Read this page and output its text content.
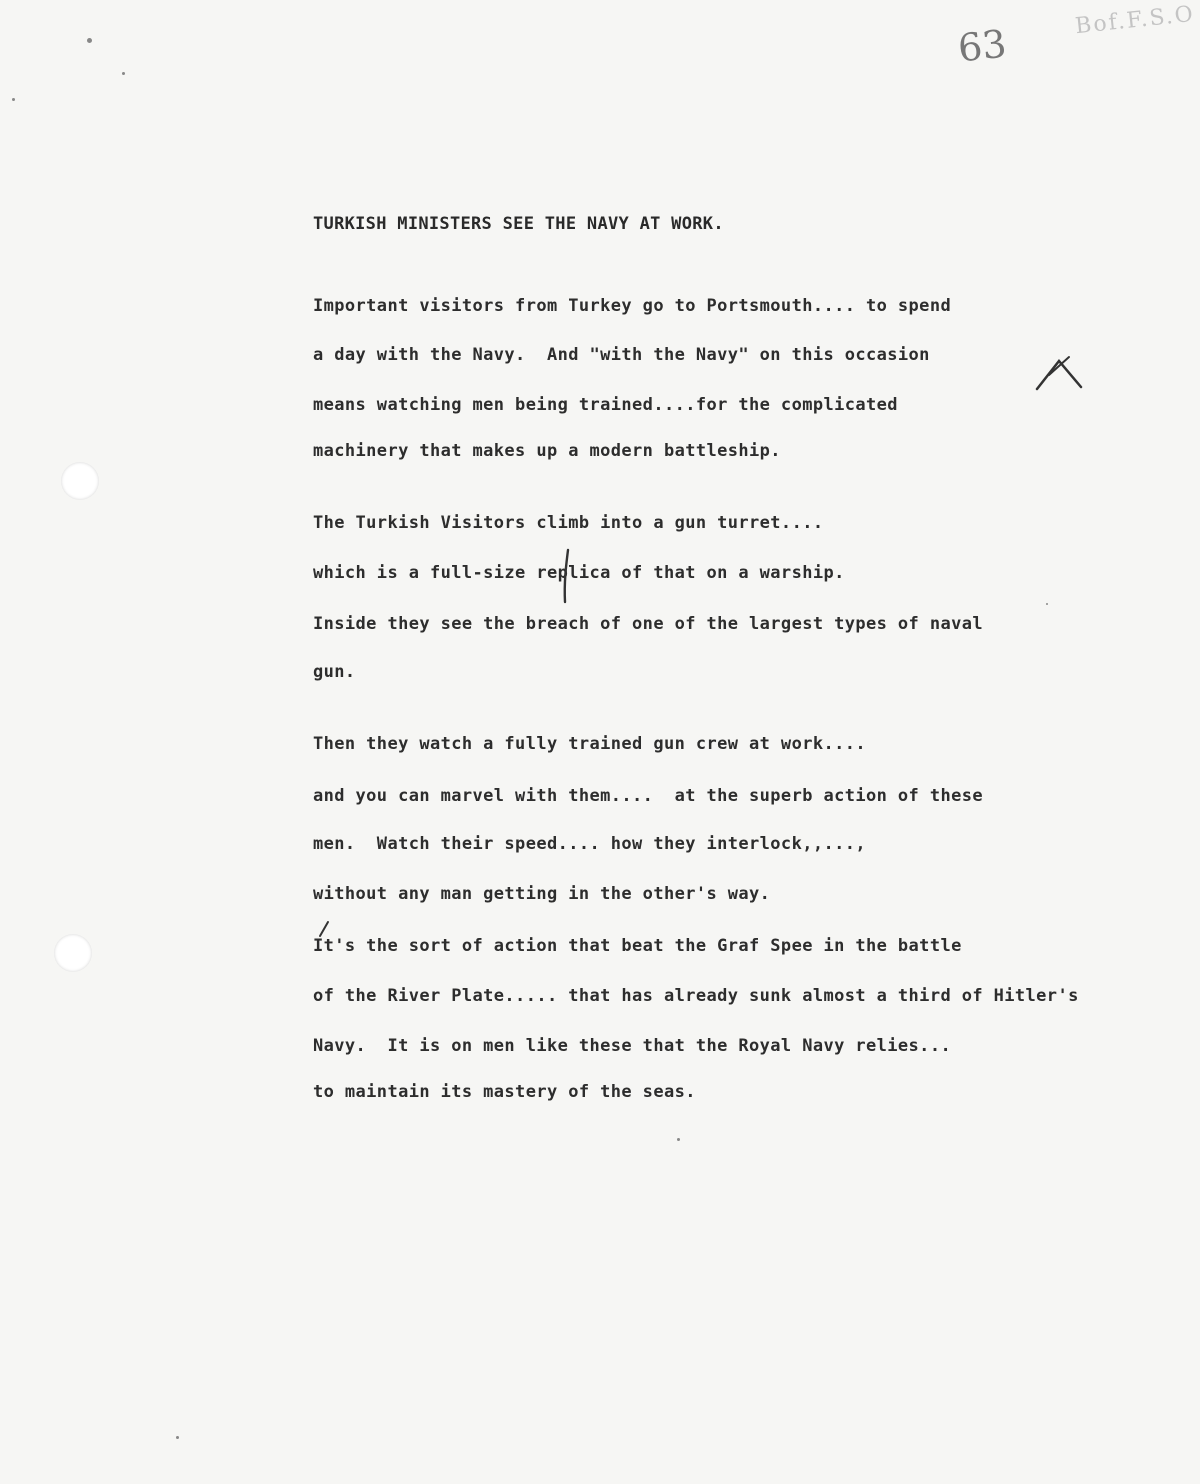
Bof.F.S.O
63
TURKISH MINISTERS SEE THE NAVY AT WORK.

Important visitors from Turkey go to Portsmouth.... to spend

a day with the Navy.  And "with the Navy" on this occasion

means watching men being trained....for the complicated

machinery that makes up a modern battleship.

The Turkish Visitors climb into a gun turret....

which is a full-size replica of that on a warship.

Inside they see the breach of one of the largest types of naval

gun.

Then they watch a fully trained gun crew at work....

and you can marvel with them....  at the superb action of these

men.  Watch their speed.... how they interlock,,...,

without any man getting in the other's way.

It's the sort of action that beat the Graf Spee in the battle

of the River Plate..... that has already sunk almost a third of Hitler's

Navy.  It is on men like these that the Royal Navy relies...

to maintain its mastery of the seas.
